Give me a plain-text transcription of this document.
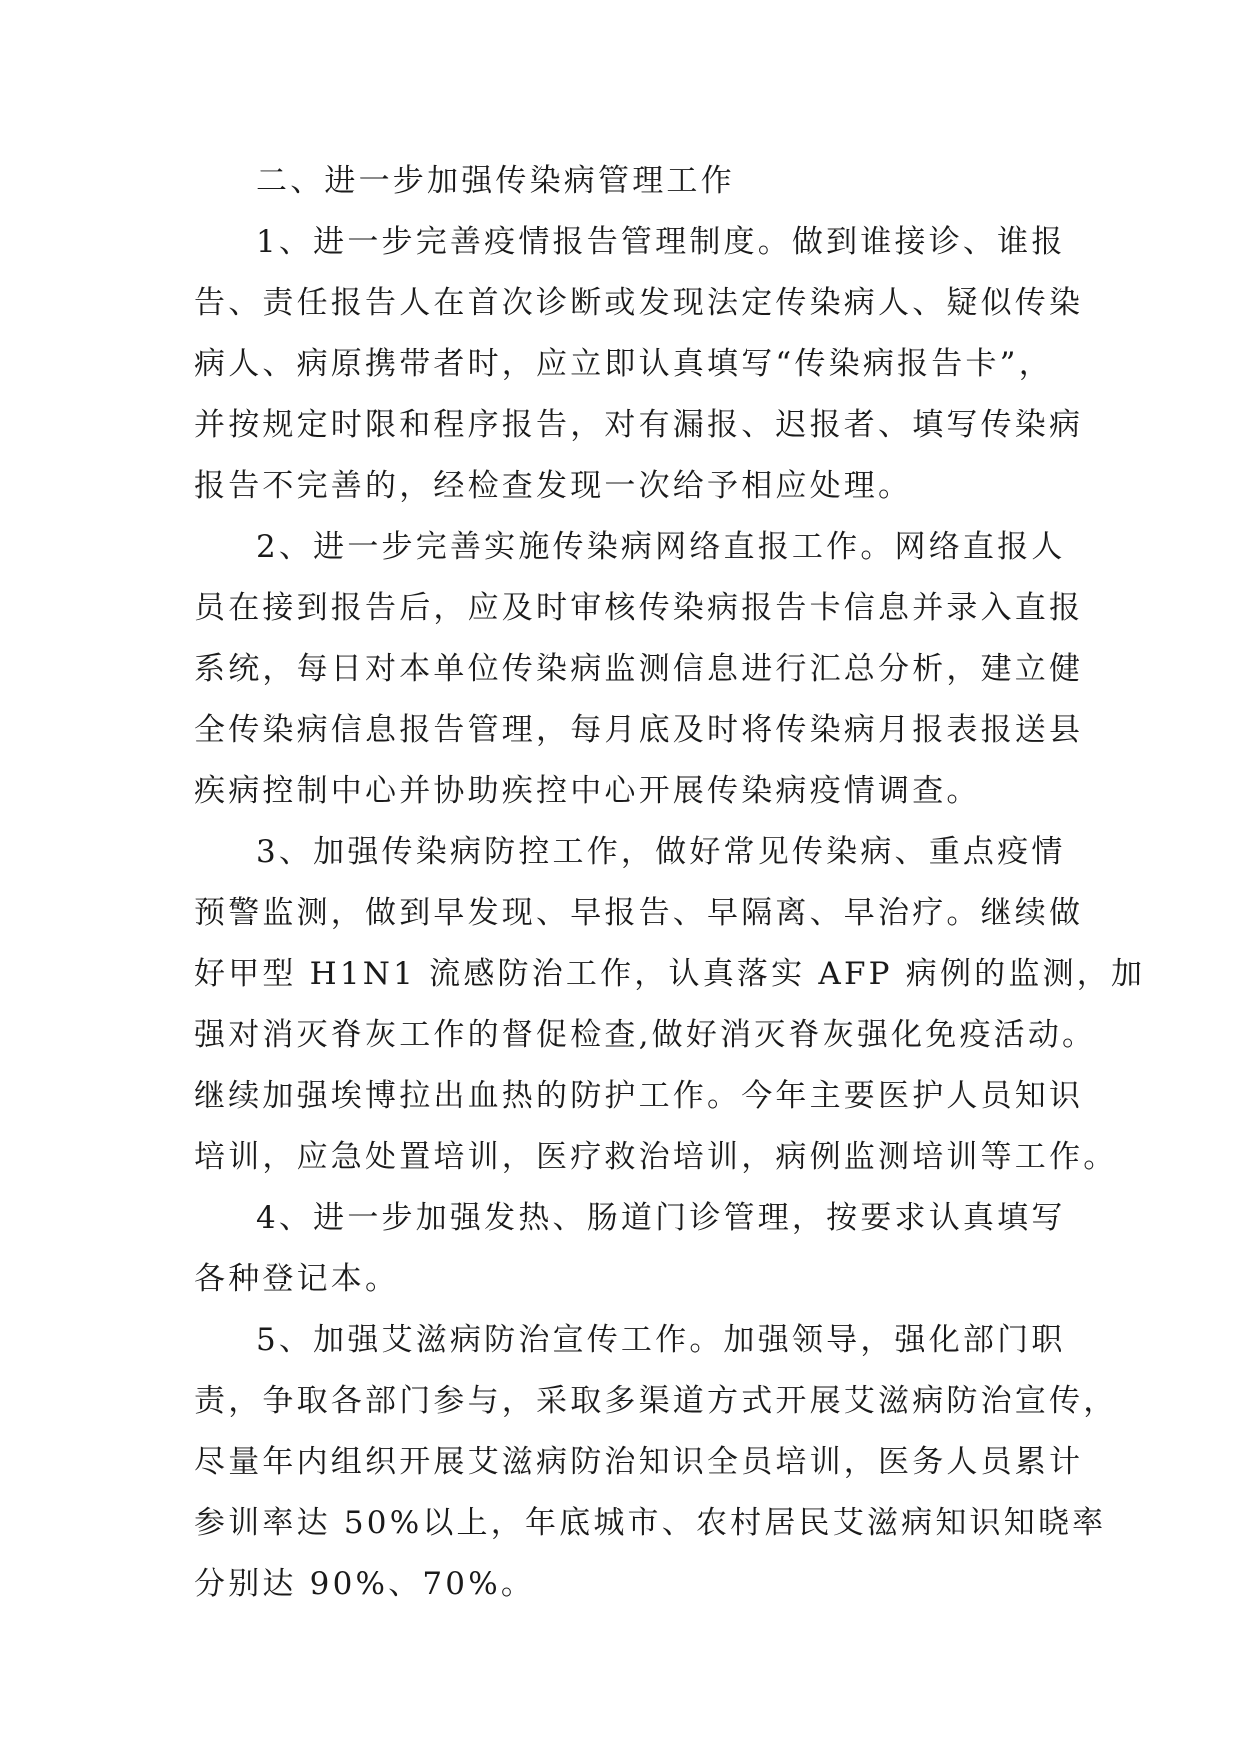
二、进一步加强传染病管理工作
1、进一步完善疫情报告管理制度。做到谁接诊、谁报
告、责任报告人在首次诊断或发现法定传染病人、疑似传染
病人、病原携带者时，应立即认真填写“传染病报告卡”，
并按规定时限和程序报告，对有漏报、迟报者、填写传染病
报告不完善的，经检查发现一次给予相应处理。
2、进一步完善实施传染病网络直报工作。网络直报人
员在接到报告后，应及时审核传染病报告卡信息并录入直报
系统，每日对本单位传染病监测信息进行汇总分析，建立健
全传染病信息报告管理，每月底及时将传染病月报表报送县
疾病控制中心并协助疾控中心开展传染病疫情调查。
3、加强传染病防控工作，做好常见传染病、重点疫情
预警监测，做到早发现、早报告、早隔离、早治疗。继续做
好甲型 H1N1 流感防治工作，认真落实 AFP 病例的监测，加
强对消灭脊灰工作的督促检查,做好消灭脊灰强化免疫活动。
继续加强埃博拉出血热的防护工作。今年主要医护人员知识
培训，应急处置培训，医疗救治培训，病例监测培训等工作。
4、进一步加强发热、肠道门诊管理，按要求认真填写
各种登记本。
5、加强艾滋病防治宣传工作。加强领导，强化部门职
责，争取各部门参与，采取多渠道方式开展艾滋病防治宣传，
尽量年内组织开展艾滋病防治知识全员培训，医务人员累计
参训率达 50%以上，年底城市、农村居民艾滋病知识知晓率
分别达 90%、70%。
